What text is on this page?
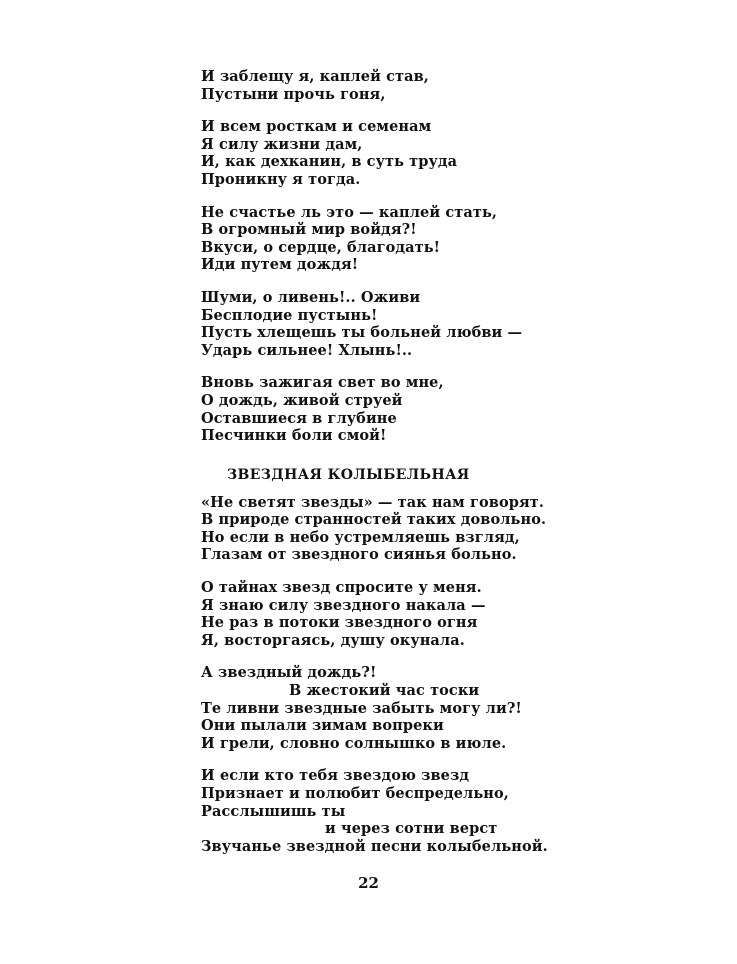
И заблещу я, каплей став,
Пустыни прочь гоня,
И всем росткам и семенам
Я силу жизни дам,
И, как дехканин, в суть труда
Проникну я тогда.
Не счастье ль это — каплей стать,
В огромный мир войдя?!
Вкуси, о сердце, благодать!
Иди путем дождя!
Шуми, о ливень!.. Оживи
Бесплодие пустынь!
Пусть хлещешь ты больней любви —
Ударь сильнее! Хлынь!..
Вновь зажигая свет во мне,
О дождь, живой струей
Оставшиеся в глубине
Песчинки боли смой!
ЗВЕЗДНАЯ КОЛЫБЕЛЬНАЯ
«Не светят звезды» — так нам говорят.
В природе странностей таких довольно.
Но если в небо устремляешь взгляд,
Глазам от звездного сиянья больно.
О тайнах звезд спросите у меня.
Я знаю силу звездного накала —
Не раз в потоки звездного огня
Я, восторгаясь, душу окунала.
А звездный дождь?!
В жестокий час тоски
Те ливни звездные забыть могу ли?!
Они пылали зимам вопреки
И грели, словно солнышко в июле.
И если кто тебя звездою звезд
Признает и полюбит беспредельно,
Расслышишь ты
и через сотни верст
Звучанье звездной песни колыбельной.
22
